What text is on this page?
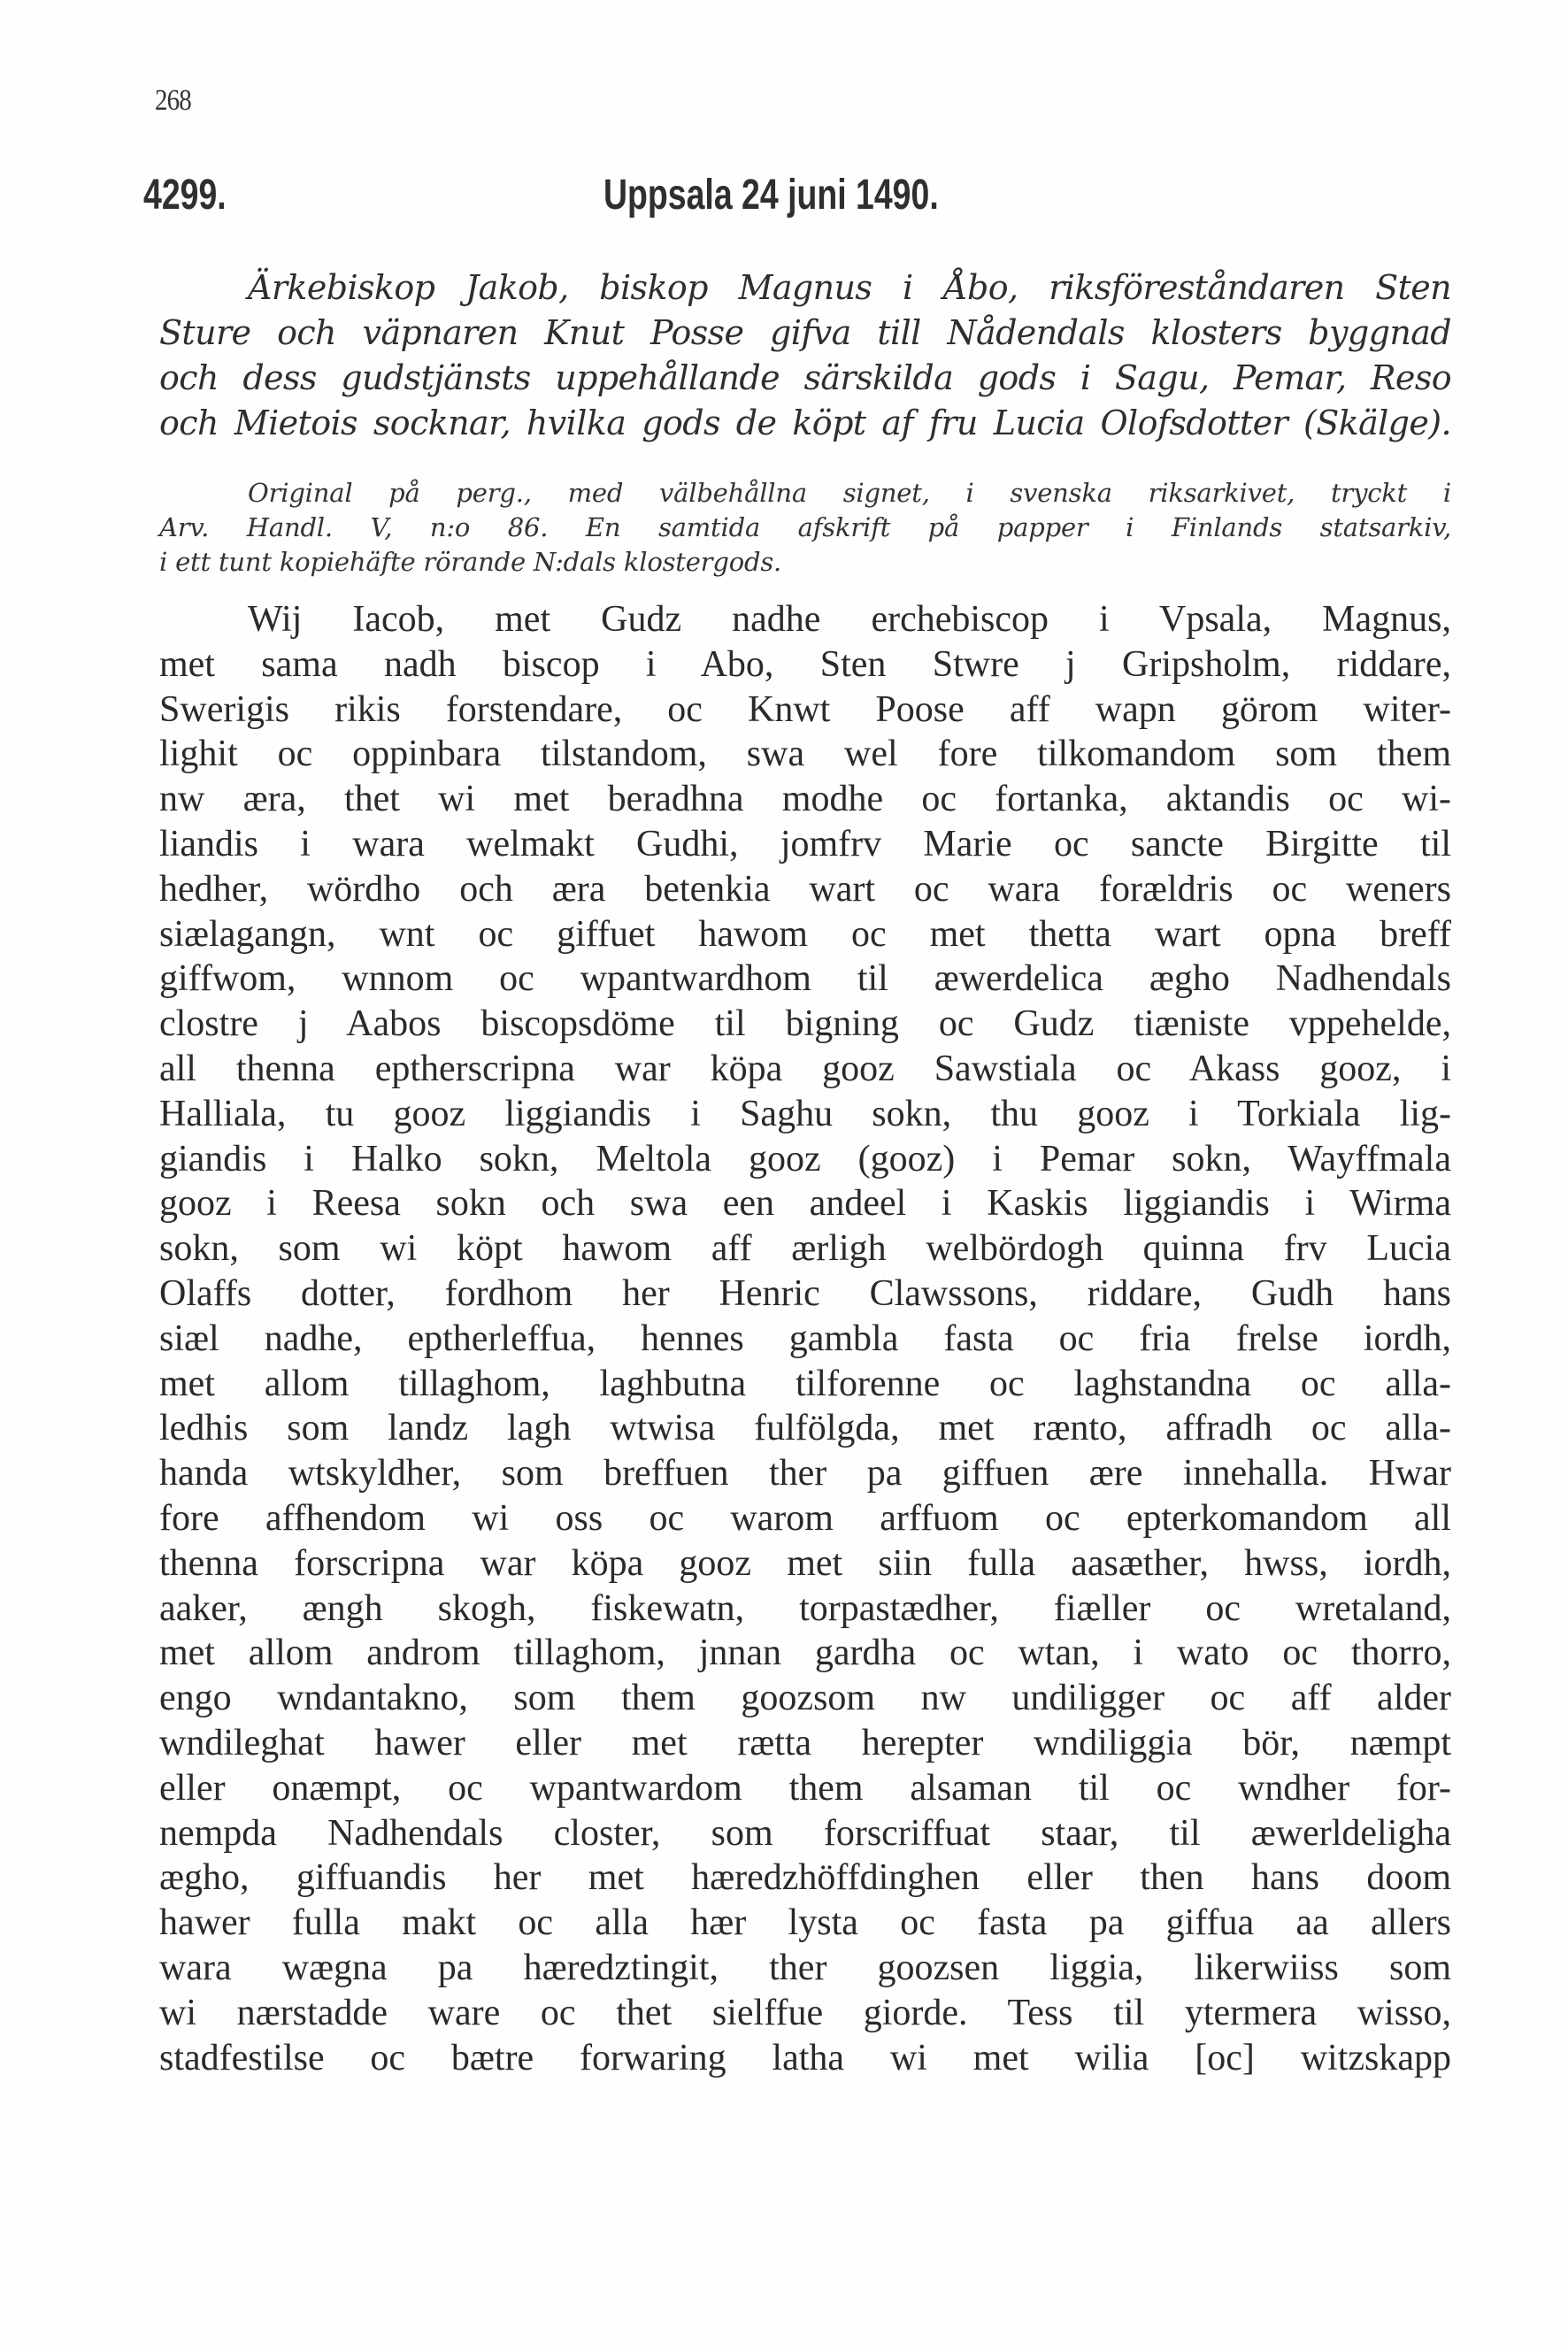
268
4299.	Uppsala 24 juni 1490.
Ärkebiskop Jakob, biskop Magnus i Åbo, riksföreståndaren Sten
Sture och väpnaren Knut Posse gifva till Nådendals klosters byggnad
och dess gudstjänsts uppehållande särskilda gods i Sagu, Pemar, Reso
och Mietois socknar, hvilka gods de köpt af fru Lucia Olofsdotter (Skälge).
Original på perg., med välbehållna signet, i svenska riksarkivet, tryckt i
Arv. Handl. V, n:o 86. En samtida afskrift på papper i Finlands statsarkiv,
i ett tunt kopiehäfte rörande N:dals klostergods.
Wij Iacob, met Gudz nadhe erchebiscop i Vpsala, Magnus,
met sama nadh biscop i Abo, Sten Stwre j Gripsholm, riddare,
Swerigis rikis forstendare, oc Knwt Poose aff wapn görom witer-
lighit oc oppinbara tilstandom, swa wel fore tilkomandom som them
nw æra, thet wi met beradhna modhe oc fortanka, aktandis oc wi-
liandis i wara welmakt Gudhi, jomfrv Marie oc sancte Birgitte til
hedher, wördho och æra betenkia wart oc wara forældris oc weners
siælagangn, wnt oc giffuet hawom oc met thetta wart opna breff
giffwom, wnnom oc wpantwardhom til æwerdelica ægho Nadhendals
clostre j Aabos biscopsdöme til bigning oc Gudz tiæniste vppehelde,
all thenna eptherscripna war köpa gooz Sawstiala oc Akass gooz, i
Halliala, tu gooz liggiandis i Saghu sokn, thu gooz i Torkiala lig-
giandis i Halko sokn, Meltola gooz (gooz) i Pemar sokn, Wayffmala
gooz i Reesa sokn och swa een andeel i Kaskis liggiandis i Wirma
sokn, som wi köpt hawom aff ærligh welbördogh quinna frv Lucia
Olaffs dotter, fordhom her Henric Clawssons, riddare, Gudh hans
siæl nadhe, eptherleffua, hennes gambla fasta oc fria frelse iordh,
met allom tillaghom, laghbutna tilforenne oc laghstandna oc alla-
ledhis som landz lagh wtwisa fulfölgda, met rænto, affradh oc alla-
handa wtskyldher, som breffuen ther pa giffuen ære innehalla. Hwar
fore affhendom wi oss oc warom arffuom oc epterkomandom all
thenna forscripna war köpa gooz met siin fulla aasæther, hwss, iordh,
aaker, ængh skogh, fiskewatn, torpastædher, fiæller oc wretaland,
met allom androm tillaghom, jnnan gardha oc wtan, i wato oc thorro,
engo wndantakno, som them goozsom nw undiligger oc aff alder
wndileghat hawer eller met rætta herepter wndiliggia bör, næmpt
eller onæmpt, oc wpantwardom them alsaman til oc wndher for-
nempda Nadhendals closter, som forscriffuat staar, til æwerldeligha
ægho, giffuandis her met hæredzhöffdinghen eller then hans doom
hawer fulla makt oc alla hær lysta oc fasta pa giffua aa allers
wara wægna pa hæredztingit, ther goozsen liggia, likerwiiss som
wi nærstadde ware oc thet sielffue giorde. Tess til ytermera wisso,
stadfestilse oc bætre forwaring latha wi met wilia [oc] witzskapp
